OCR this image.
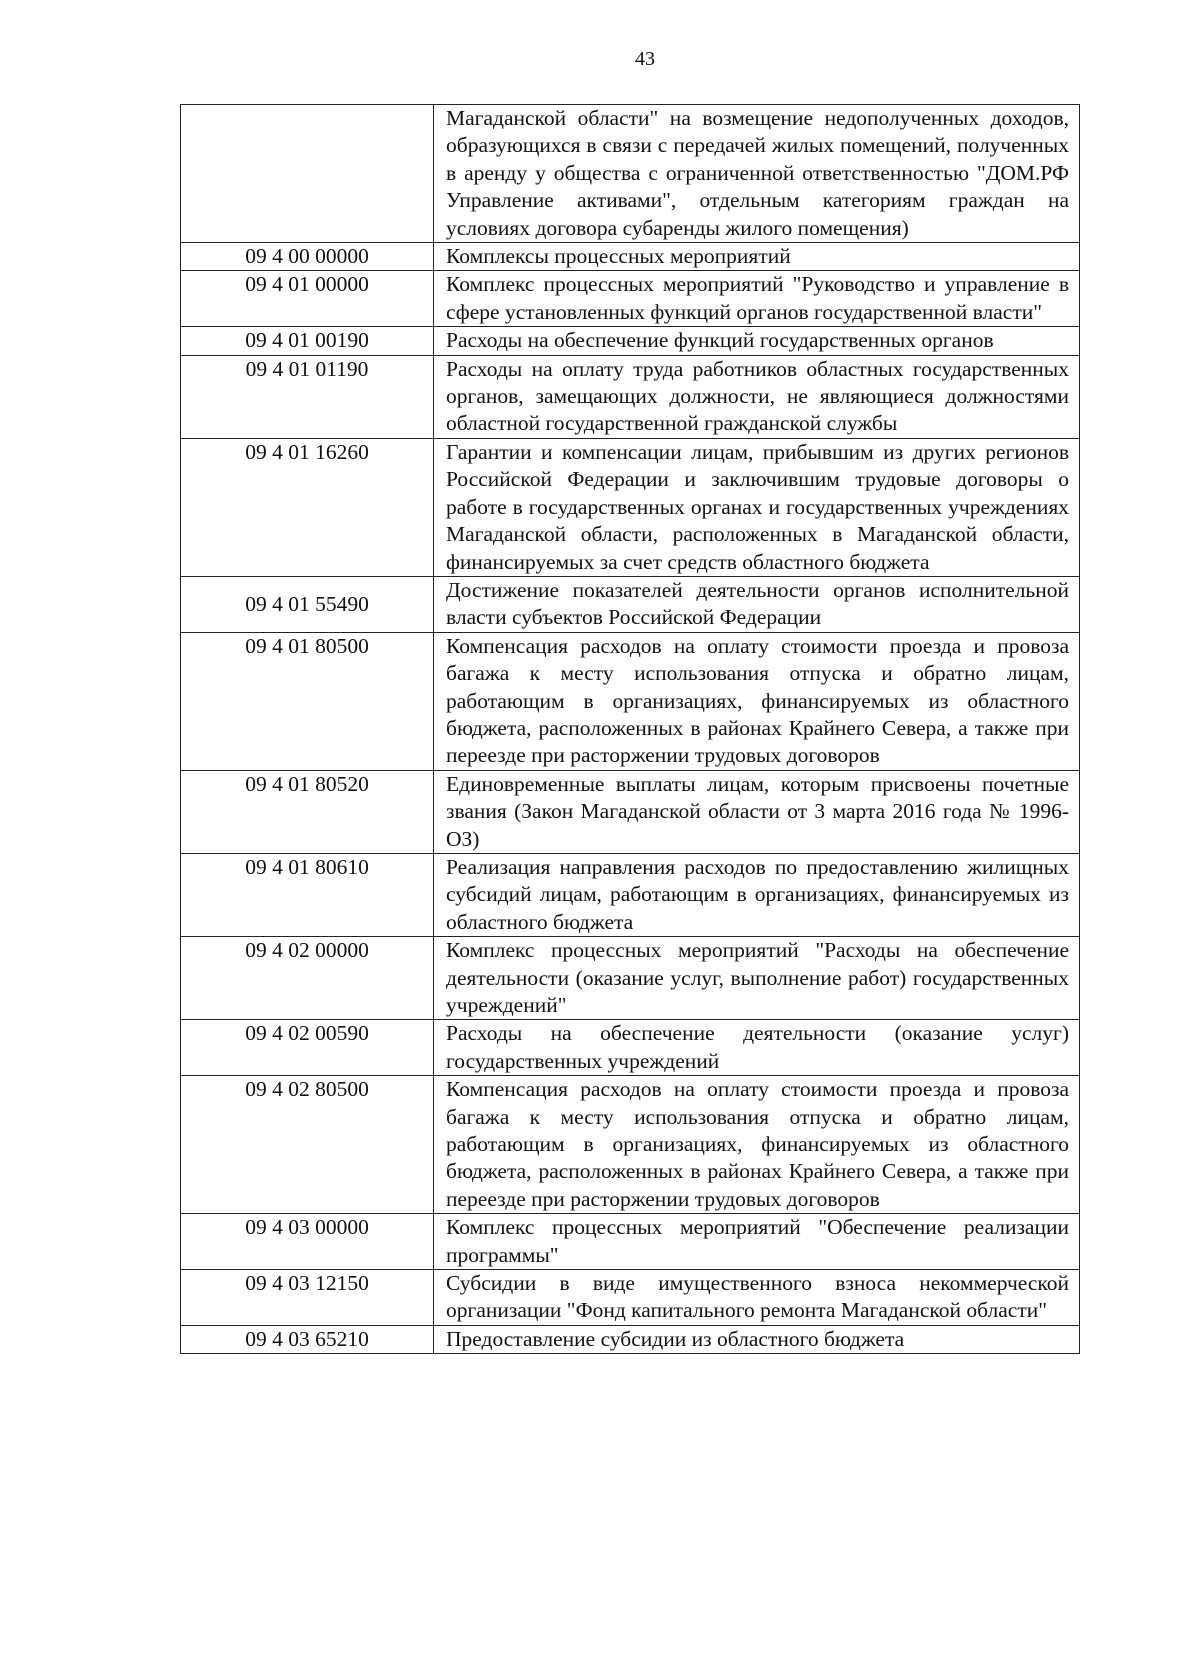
43
	Магаданской области" на возмещение недополученных доходов, образующихся в связи с передачей жилых помещений, полученных в аренду у общества с ограниченной ответственностью "ДОМ.РФ Управление активами", отдельным категориям граждан на условиях договора субаренды жилого помещения)
09 4 00 00000	Комплексы процессных мероприятий
09 4 01 00000	Комплекс процессных мероприятий "Руководство и управление в сфере установленных функций органов государственной власти"
09 4 01 00190	Расходы на обеспечение функций государственных органов
09 4 01 01190	Расходы на оплату труда работников областных государственных органов, замещающих должности, не являющиеся должностями областной государственной гражданской службы
09 4 01 16260	Гарантии и компенсации лицам, прибывшим из других регионов Российской Федерации и заключившим трудовые договоры о работе в государственных органах и государственных учреждениях Магаданской области, расположенных в Магаданской области, финансируемых за счет средств областного бюджета
09 4 01 55490	Достижение показателей деятельности органов исполнительной власти субъектов Российской Федерации
09 4 01 80500	Компенсация расходов на оплату стоимости проезда и провоза багажа к месту использования отпуска и обратно лицам, работающим в организациях, финансируемых из областного бюджета, расположенных в районах Крайнего Севера, а также при переезде при расторжении трудовых договоров
09 4 01 80520	Единовременные выплаты лицам, которым присвоены почетные звания (Закон Магаданской области от 3 марта 2016 года № 1996-ОЗ)
09 4 01 80610	Реализация направления расходов по предоставлению жилищных субсидий лицам, работающим в организациях, финансируемых из областного бюджета
09 4 02 00000	Комплекс процессных мероприятий "Расходы на обеспечение деятельности (оказание услуг, выполнение работ) государственных учреждений"
09 4 02 00590	Расходы на обеспечение деятельности (оказание услуг) государственных учреждений
09 4 02 80500	Компенсация расходов на оплату стоимости проезда и провоза багажа к месту использования отпуска и обратно лицам, работающим в организациях, финансируемых из областного бюджета, расположенных в районах Крайнего Севера, а также при переезде при расторжении трудовых договоров
09 4 03 00000	Комплекс процессных мероприятий "Обеспечение реализации программы"
09 4 03 12150	Субсидии в виде имущественного взноса некоммерческой организации "Фонд капитального ремонта Магаданской области"
09 4 03 65210	Предоставление субсидии из областного бюджета
